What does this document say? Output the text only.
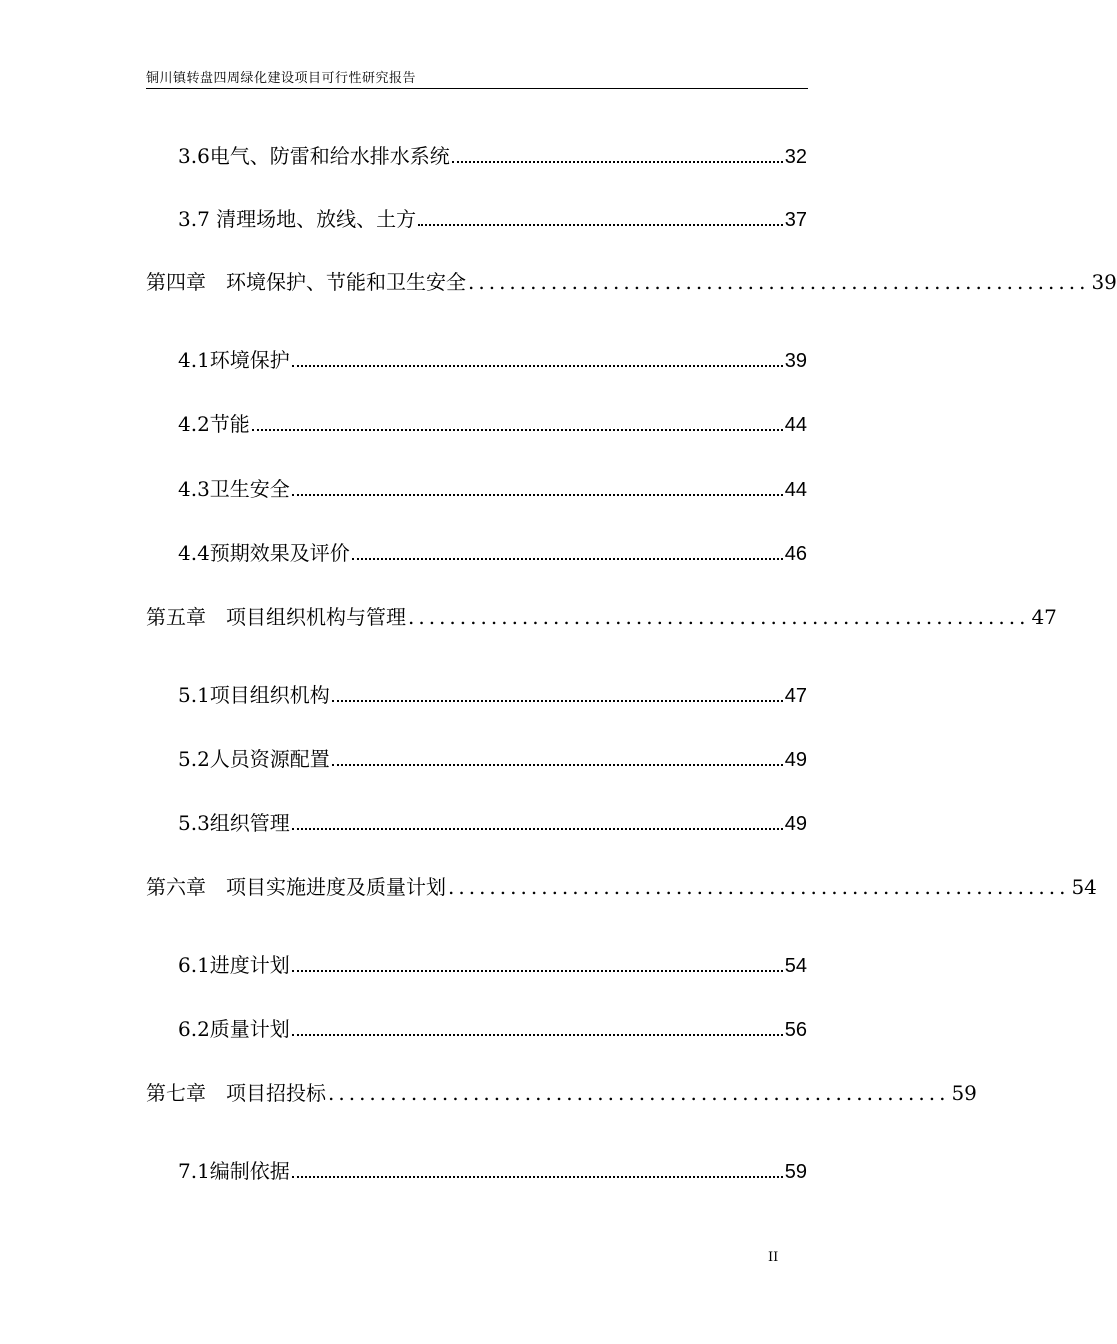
铜川镇转盘四周绿化建设项目可行性研究报告
3.6电气、防雷和给水排水系统	32
3.7 清理场地、放线、土方	37
第四章　环境保护、节能和卫生安全 ............................................................ 39
4.1环境保护	39
4.2节能	44
4.3卫生安全	44
4.4预期效果及评价	46
第五章　项目组织机构与管理 ............................................................ 47
5.1项目组织机构	47
5.2人员资源配置	49
5.3组织管理	49
第六章　项目实施进度及质量计划 ............................................................ 54
6.1进度计划	54
6.2质量计划	56
第七章　项目招投标 ............................................................ 59
7.1编制依据	59
II
